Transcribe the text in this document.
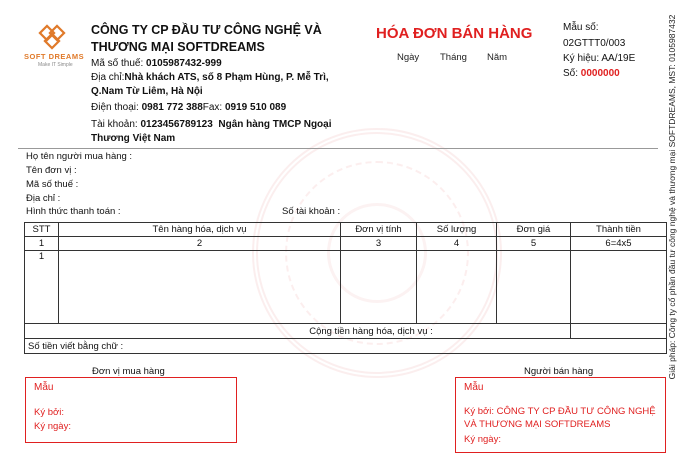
SOFT DREAMS
Make IT Simple
CÔNG TY CP ĐẦU TƯ CÔNG NGHỆ VÀ THƯƠNG MẠI SOFTDREAMS
Mã số thuế: 0105987432-999
Địa chỉ:Nhà khách ATS, số 8 Phạm Hùng, P. Mễ Trì, Q.Nam Từ Liêm, Hà Nội
Điện thoại: 0981 772 388Fax: 0919 510 089
Tài khoản: 0123456789123 Ngân hàng TMCP Ngoại Thương Việt Nam
HÓA ĐƠN BÁN HÀNG
Ngày Tháng Năm
Mẫu số:
02GTTT0/003
Ký hiệu: AA/19E
Số: 0000000	Giải pháp: Công ty cổ phần đầu tư công nghệ và thương mại SOFTDREAMS, MST: 0105987432
Họ tên người mua hàng :
Tên đơn vị :
Mã số thuế :
Địa chỉ :
Hình thức thanh toán :	Số tài khoản :
STT	Tên hàng hóa, dịch vụ	Đơn vị tính	Số lượng	Đơn giá	Thành tiền
1	2	3	4	5	6=4x5
1					
Cộng tiền hàng hóa, dịch vụ :					
Số tiền viết bằng chữ :					
Đơn vị mua hàng	Người bán hàng
Mẫu
Ký bởi:
Ký ngày:
Mẫu
Ký bởi: CÔNG TY CP ĐẦU TƯ CÔNG NGHỆ VÀ THƯƠNG MẠI SOFTDREAMS
Ký ngày:
